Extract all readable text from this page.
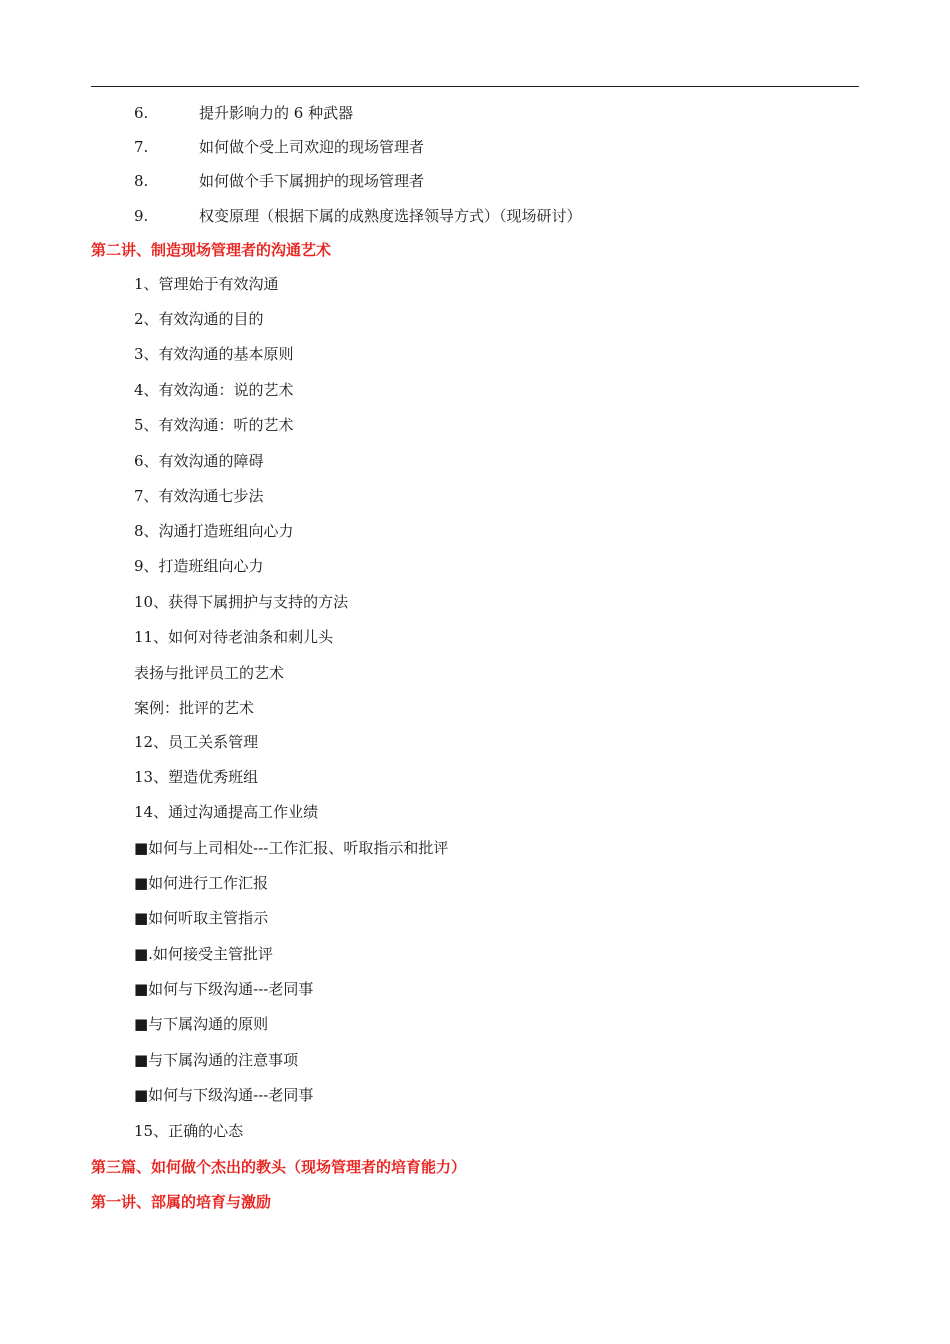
6.	提升影响力的 6 种武器
7.	如何做个受上司欢迎的现场管理者
8.	如何做个手下属拥护的现场管理者
9.	权变原理（根据下属的成熟度选择领导方式）（现场研讨）
第二讲、制造现场管理者的沟通艺术
1、管理始于有效沟通
2、有效沟通的目的
3、有效沟通的基本原则
4、有效沟通：说的艺术
5、有效沟通：听的艺术
6、有效沟通的障碍
7、有效沟通七步法
8、沟通打造班组向心力
9、打造班组向心力
10、获得下属拥护与支持的方法
11、如何对待老油条和刺儿头
表扬与批评员工的艺术
案例：批评的艺术
12、员工关系管理
13、塑造优秀班组
14、通过沟通提高工作业绩
■如何与上司相处---工作汇报、听取指示和批评
■如何进行工作汇报
■如何听取主管指示
■.如何接受主管批评
■如何与下级沟通---老同事
■与下属沟通的原则
■与下属沟通的注意事项
■如何与下级沟通---老同事
15、正确的心态
第三篇、如何做个杰出的教头（现场管理者的培育能力）
第一讲、部属的培育与激励
